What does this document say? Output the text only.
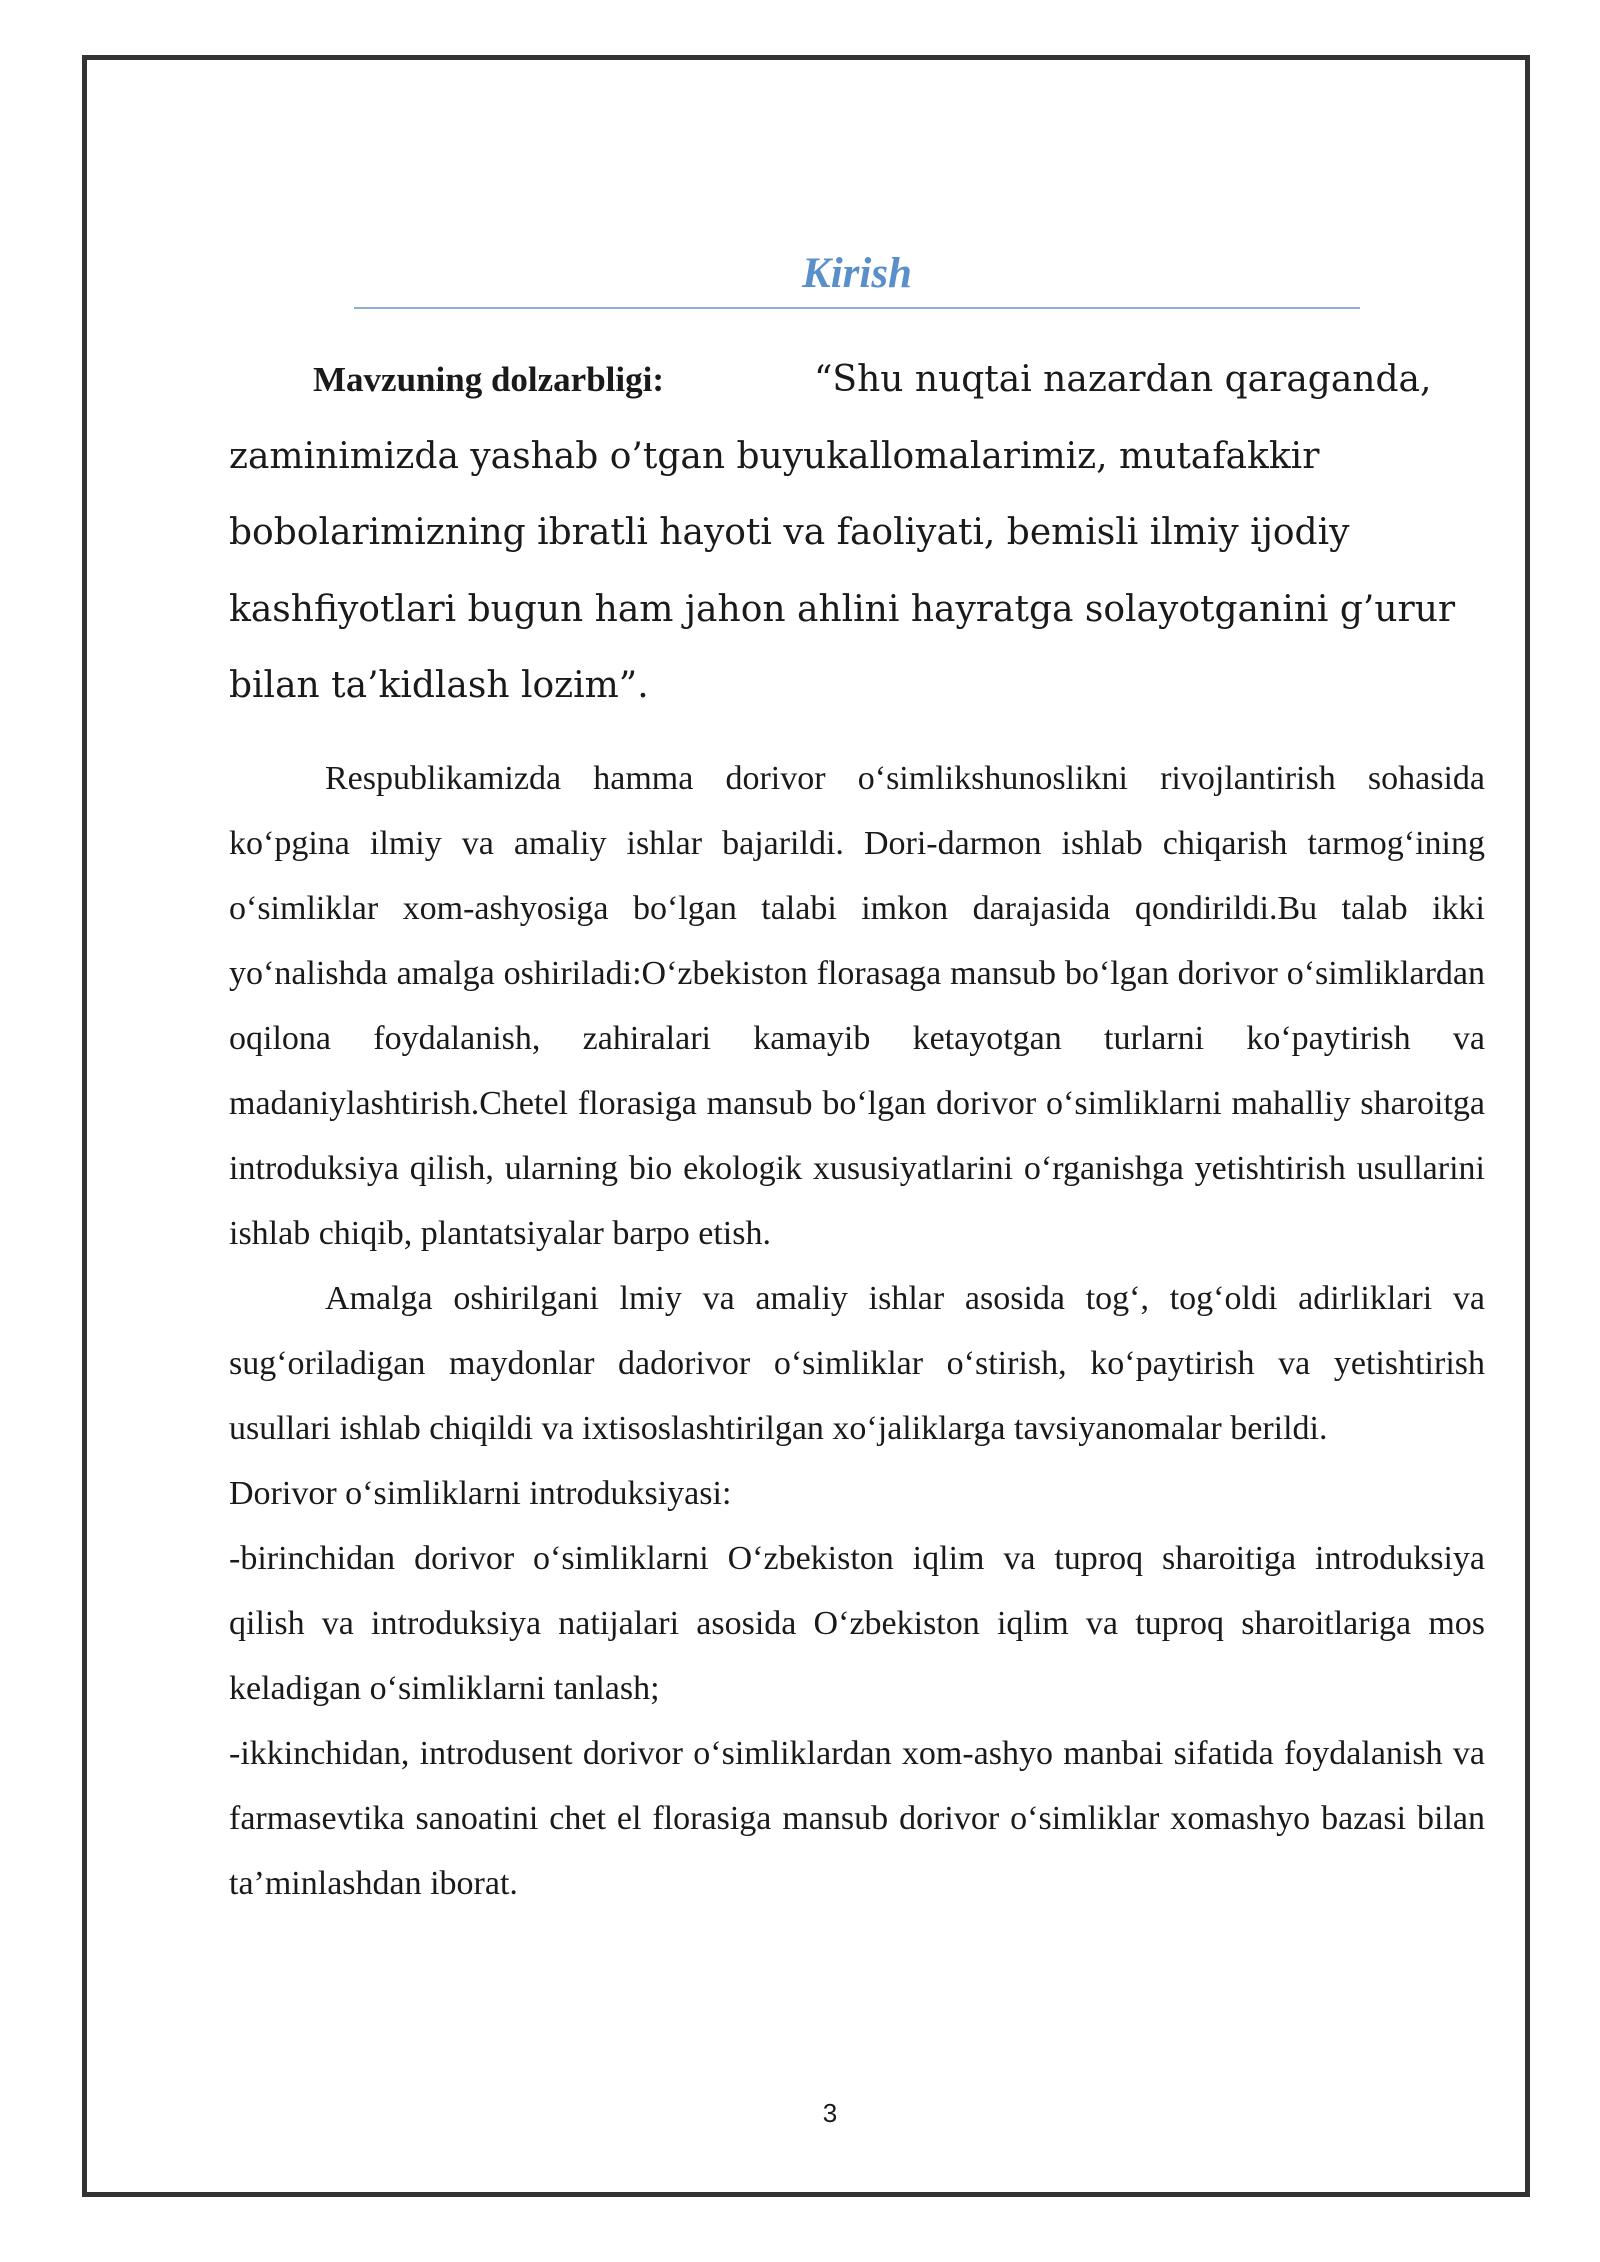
Kirish
Mavzuning dolzarbligi:	“Shu nuqtai nazardan qaraganda, zaminimizda yashab o’tgan buyukallomalarimiz, mutafakkir bobolarimizning ibratli hayoti va faoliyati, bemisli ilmiy ijodiy kashfiyotlari bugun ham jahon ahlini hayratga solayotganini g’urur bilan ta’kidlash lozim”.

Respublikamizda hamma dorivor o‘simlikshunoslikni rivojlantirish sohasida ko‘pgina ilmiy va amaliy ishlar bajarildi. Dori-darmon ishlab chiqarish tarmog‘ining o‘simliklar xom-ashyosiga bo‘lgan talabi imkon darajasida qondirildi.Bu talab ikki yo‘nalishda amalga oshiriladi:O‘zbekiston florasaga mansub bo‘lgan dorivor o‘simliklardan oqilona foydalanish, zahiralari kamayib ketayotgan turlarni ko‘paytirish va madaniylashtirish.Chetel florasiga mansub bo‘lgan dorivor o‘simliklarni mahalliy sharoitga introduksiya qilish, ularning bio ekologik xususiyatlarini o‘rganishga yetishtirish usullarini ishlab chiqib, plantatsiyalar barpo etish.

Amalga oshirilgani lmiy va amaliy ishlar asosida tog‘, tog‘oldi adirliklari va sug‘oriladigan maydonlar dadorivor o‘simliklar o‘stirish, ko‘paytirish va yetishtirish usullari ishlab chiqildi va ixtisoslashtirilgan xo‘jaliklarga tavsiyanomalar berildi.

Dorivor o‘simliklarni introduksiyasi:

-birinchidan dorivor o‘simliklarni O‘zbekiston iqlim va tuproq sharoitiga introduksiya qilish va introduksiya natijalari asosida O‘zbekiston iqlim va tuproq sharoitlariga mos keladigan o‘simliklarni tanlash;

-ikkinchidan, introdusent dorivor o‘simliklardan xom-ashyo manbai sifatida foydalanish va farmasevtika sanoatini chet el florasiga mansub dorivor o‘simliklar xomashyo bazasi bilan ta’minlashdan iborat.

3
